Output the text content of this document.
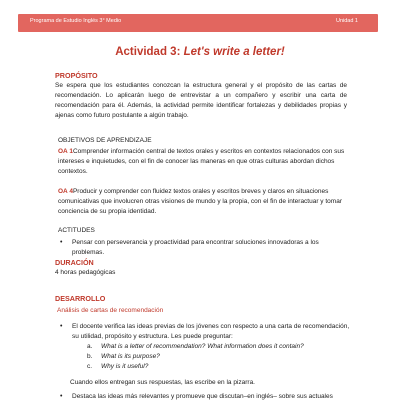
Programa de Estudio Inglés 3° Medio	Unidad 1
Actividad 3: Let's write a letter!
PROPÓSITO
Se espera que los estudiantes conozcan la estructura general y el propósito de las cartas de recomendación. Lo aplicarán luego de entrevistar a un compañero y escribir una carta de recomendación para él. Además, la actividad permite identificar fortalezas y debilidades propias y ajenas como futuro postulante a algún trabajo.
OBJETIVOS DE APRENDIZAJE
OA 1Comprender información central de textos orales y escritos en contextos relacionados con sus intereses e inquietudes, con el fin de conocer las maneras en que otras culturas abordan dichos contextos.
OA 4Producir y comprender con fluidez textos orales y escritos breves y claros en situaciones comunicativas que involucren otras visiones de mundo y la propia, con el fin de interactuar y tomar conciencia de su propia identidad.
ACTITUDES
• Pensar con perseverancia y proactividad para encontrar soluciones innovadoras a los problemas.
DURACIÓN
4 horas pedagógicas
DESARROLLO
Análisis de cartas de recomendación
• El docente verifica las ideas previas de los jóvenes con respecto a una carta de recomendación, su utilidad, propósito y estructura. Les puede preguntar:
a. What is a letter of recommendation? What information does it contain?
b. What is its purpose?
c. Why is it useful?
Cuando ellos entregan sus respuestas, las escribe en la pizarra.
• Destaca las ideas más relevantes y promueve que discutan–en inglés– sobre sus actuales
